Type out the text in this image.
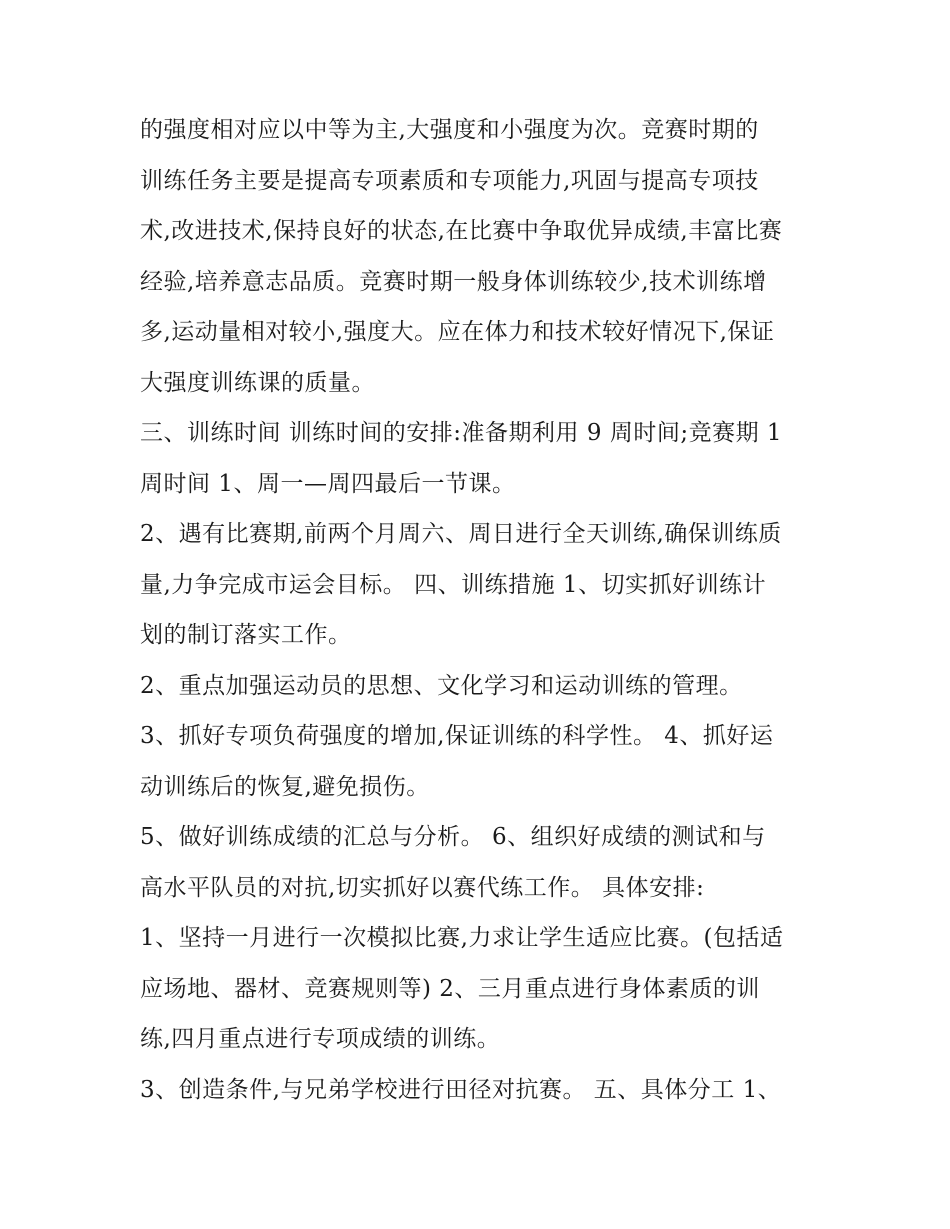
的强度相对应以中等为主,大强度和小强度为次。竞赛时期的
训练任务主要是提高专项素质和专项能力,巩固与提高专项技
术,改进技术,保持良好的状态,在比赛中争取优异成绩,丰富比赛
经验,培养意志品质。竞赛时期一般身体训练较少,技术训练增
多,运动量相对较小,强度大。应在体力和技术较好情况下,保证
大强度训练课的质量。
三、训练时间 训练时间的安排:准备期利用 9 周时间;竞赛期 1
周时间 1、周一—周四最后一节课。
2、遇有比赛期,前两个月周六、周日进行全天训练,确保训练质
量,力争完成市运会目标。 四、训练措施 1、切实抓好训练计
划的制订落实工作。
2、重点加强运动员的思想、文化学习和运动训练的管理。
3、抓好专项负荷强度的增加,保证训练的科学性。 4、抓好运
动训练后的恢复,避免损伤。
5、做好训练成绩的汇总与分析。 6、组织好成绩的测试和与
高水平队员的对抗,切实抓好以赛代练工作。 具体安排:
1、坚持一月进行一次模拟比赛,力求让学生适应比赛。(包括适
应场地、器材、竞赛规则等) 2、三月重点进行身体素质的训
练,四月重点进行专项成绩的训练。
3、创造条件,与兄弟学校进行田径对抗赛。 五、具体分工 1、
